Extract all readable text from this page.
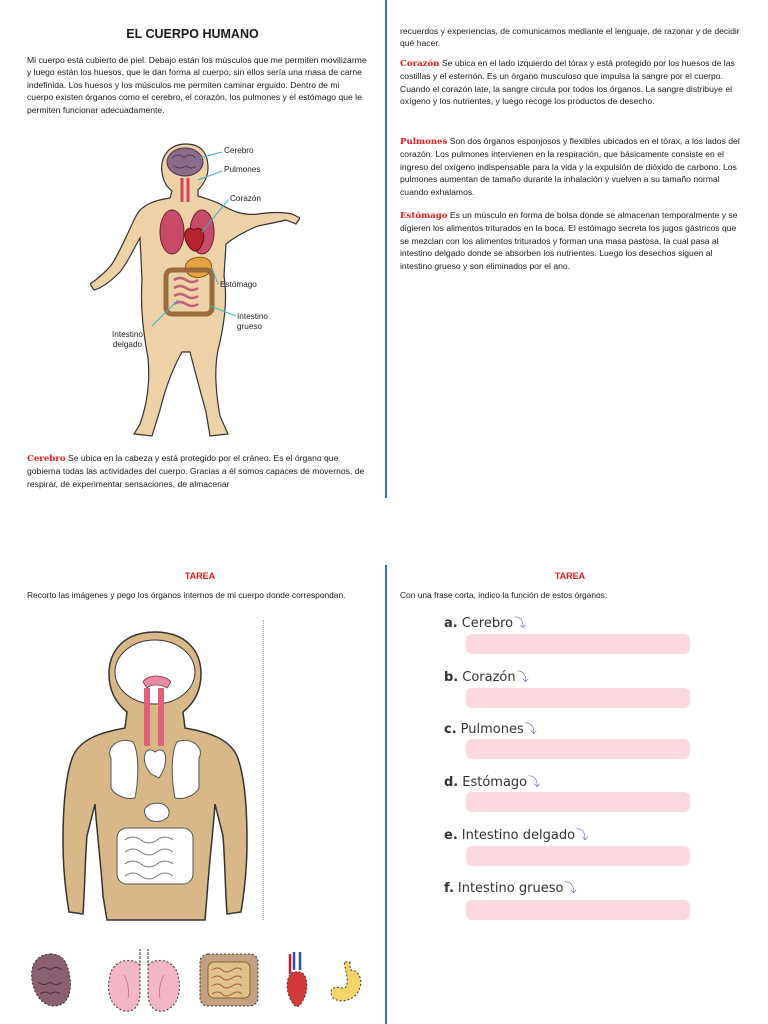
EL CUERPO HUMANO
Mi cuerpo está cubierto de piel. Debajo están los músculos que me permiten movilizarme y luego están los huesos, que le dan forma al cuerpo, sin ellos sería una masa de carne indefinida. Los huesos y los músculos me permiten caminar erguido. Dentro de mi cuerpo existen órganos como el cerebro, el corazón, los pulmones y el estómago que le permiten funcionar adecuadamente.
Cerebro
Pulmones
Corazón
Estómago
Intestino
grueso
Intestino
delgado
Cerebro Se ubica en la cabeza y está protegido por el cráneo. Es el órgano que gobierna todas las actividades del cuerpo. Gracias a él somos capaces de movernos, de respirar, de experimentar sensaciones, de almacenar
recuerdos y experiencias, de comunicarnos mediante el lenguaje, de razonar y de decidir qué hacer.
Corazón Se ubica en el lado izquierdo del tórax y está protegido por los huesos de las costillas y el esternón. Es un órgano musculoso que impulsa la sangre por el cuerpo. Cuando el corazón late, la sangre circula por todos los órganos. La sangre distribuye el oxígeno y los nutrientes, y luego recoge los productos de desecho.
Pulmones Son dos órganos esponjosos y flexibles ubicados en el tórax, a los lados del corazón. Los pulmones intervienen en la respiración, que básicamente consiste en el ingreso del oxígeno indispensable para la vida y la expulsión de dióxido de carbono. Los pulmones aumentan de tamaño durante la inhalación y vuelven a su tamaño normal cuando exhalamos.
Estómago Es un músculo en forma de bolsa donde se almacenan temporalmente y se digieren los alimentos triturados en la boca. El estómago secreta los jugos gástricos que se mezclan con los alimentos triturados y forman una masa pastosa, la cual pasa al intestino delgado donde se absorben los nutrientes. Luego los desechos siguen al intestino grueso y son eliminados por el ano.
TAREA
Recorto las imágenes y pego los órganos internos de mi cuerpo donde correspondan.
TAREA
Con una frase corta, indico la función de estos órganos:
a. Cerebro⤵
b. Corazón⤵
c. Pulmones⤵
d. Estómago⤵
e. Intestino delgado⤵
f. Intestino grueso⤵
